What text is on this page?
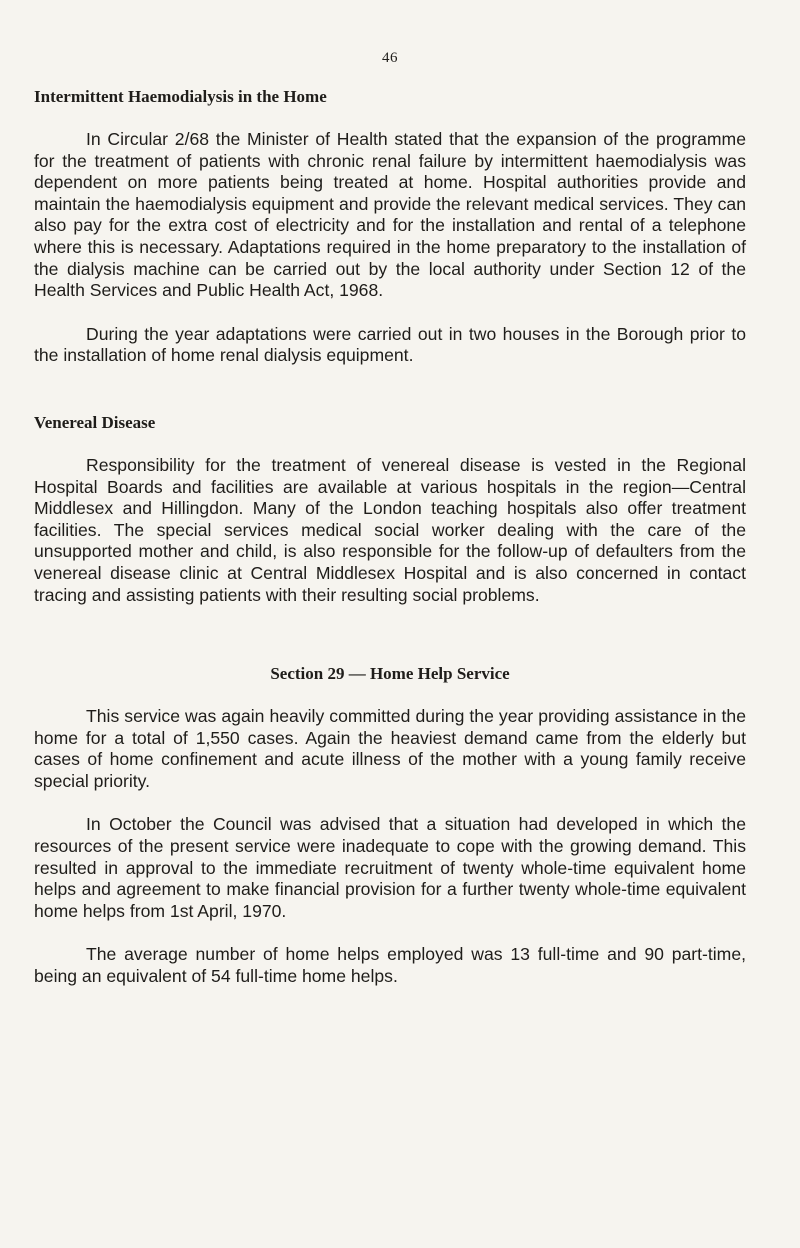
46
Intermittent Haemodialysis in the Home

In Circular 2/68 the Minister of Health stated that the expansion of the programme for the treatment of patients with chronic renal failure by intermittent haemodialysis was dependent on more patients being treated at home. Hospital authorities provide and maintain the haemodialysis equipment and provide the relevant medical services. They can also pay for the extra cost of electricity and for the installation and rental of a telephone where this is necessary. Adaptations required in the home preparatory to the installation of the dialysis machine can be carried out by the local authority under Section 12 of the Health Services and Public Health Act, 1968.

During the year adaptations were carried out in two houses in the Borough prior to the installation of home renal dialysis equipment.

Venereal Disease

Responsibility for the treatment of venereal disease is vested in the Regional Hospital Boards and facilities are available at various hospitals in the region—Central Middlesex and Hillingdon. Many of the London teaching hospitals also offer treatment facilities. The special services medical social worker dealing with the care of the unsupported mother and child, is also responsible for the follow-up of defaulters from the venereal disease clinic at Central Middlesex Hospital and is also concerned in contact tracing and assisting patients with their resulting social problems.

Section 29 — Home Help Service

This service was again heavily committed during the year providing assistance in the home for a total of 1,550 cases. Again the heaviest demand came from the elderly but cases of home confinement and acute illness of the mother with a young family receive special priority.

In October the Council was advised that a situation had developed in which the resources of the present service were inadequate to cope with the growing demand. This resulted in approval to the immediate recruitment of twenty whole-time equivalent home helps and agreement to make financial provision for a further twenty whole-time equivalent home helps from 1st April, 1970.

The average number of home helps employed was 13 full-time and 90 part-time, being an equivalent of 54 full-time home helps.
